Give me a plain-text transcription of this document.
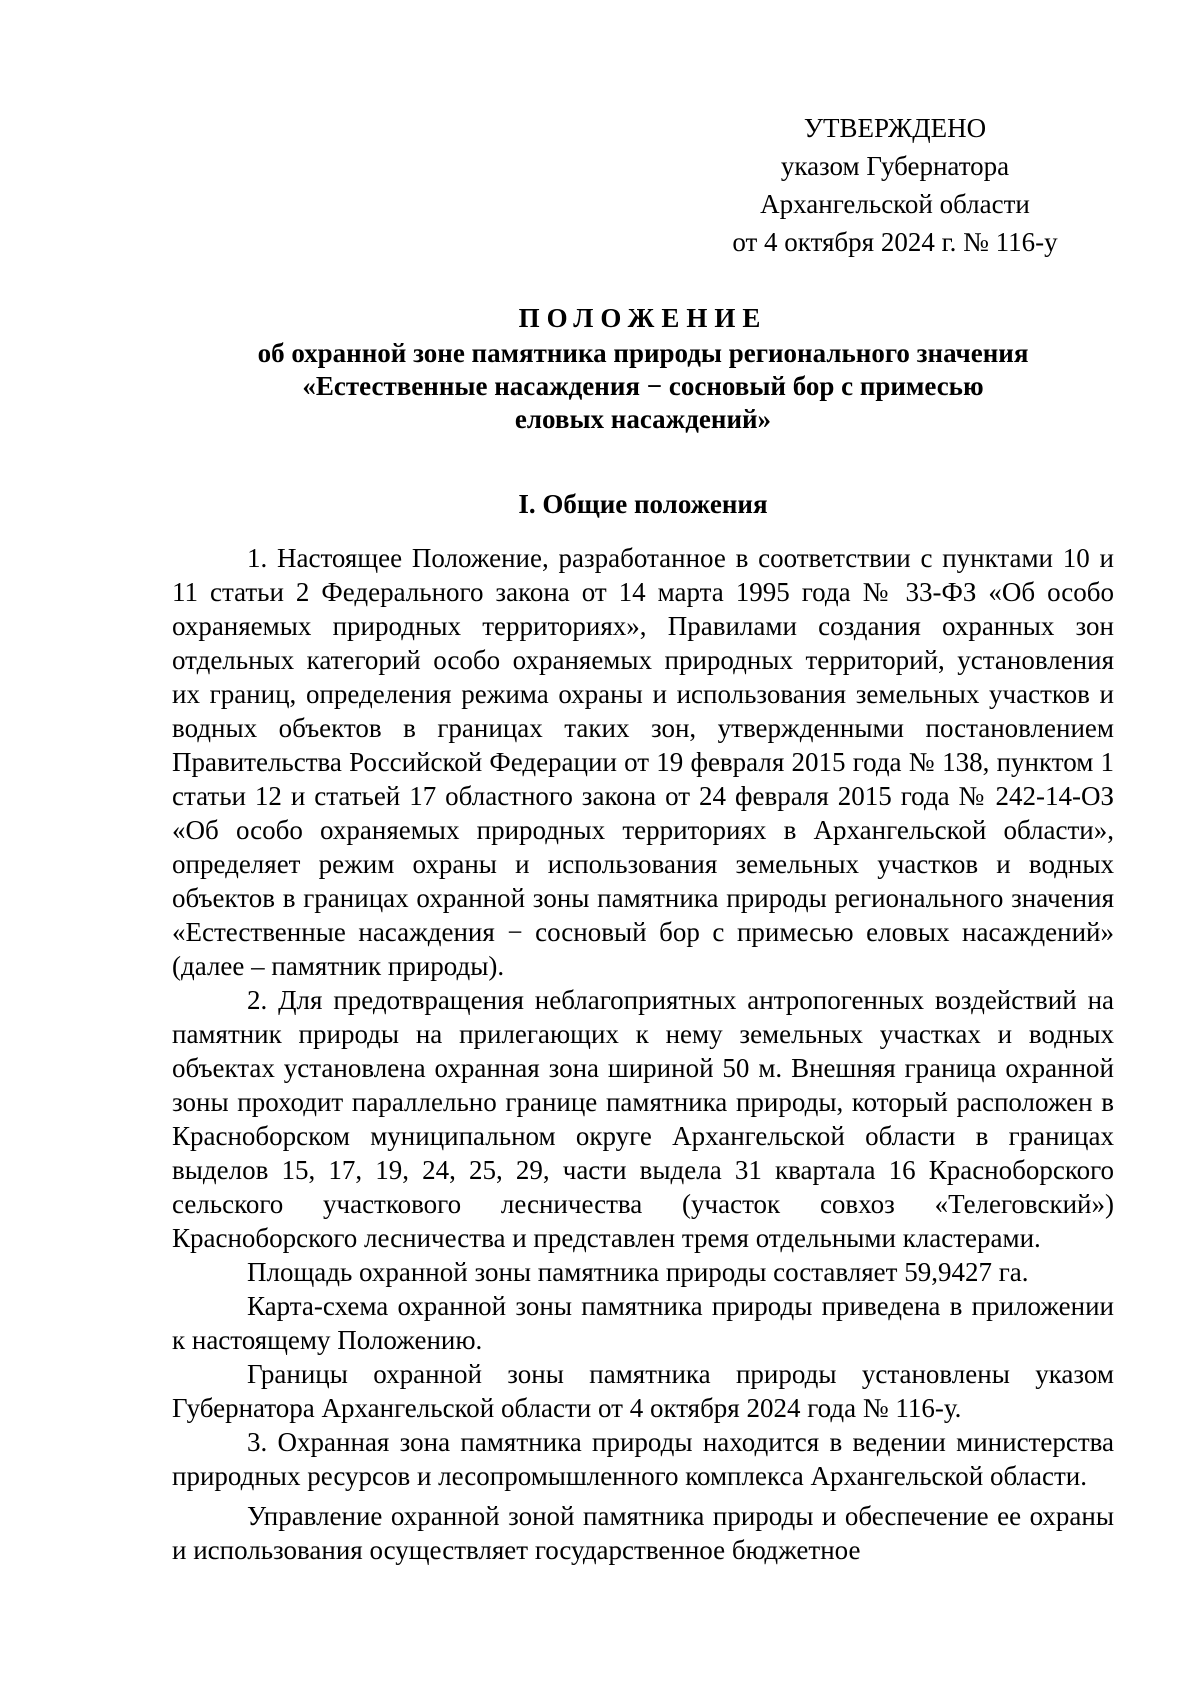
УТВЕРЖДЕНО
указом Губернатора
Архангельской области
от 4 октября 2024 г. № 116-у
ПОЛОЖЕНИЕ
об охранной зоне памятника природы регионального значения
«Естественные насаждения − сосновый бор с примесью
еловых насаждений»
I. Общие положения

1. Настоящее Положение, разработанное в соответствии с пунктами 10 и 11 статьи 2 Федерального закона от 14 марта 1995 года № 33-ФЗ «Об особо охраняемых природных территориях», Правилами создания охранных зон отдельных категорий особо охраняемых природных территорий, установления их границ, определения режима охраны и использования земельных участков и водных объектов в границах таких зон, утвержденными постановлением Правительства Российской Федерации от 19 февраля 2015 года № 138, пунктом 1 статьи 12 и статьей 17 областного закона от 24 февраля 2015 года № 242-14-ОЗ «Об особо охраняемых природных территориях в Архангельской области», определяет режим охраны и использования земельных участков и водных объектов в границах охранной зоны памятника природы регионального значения «Естественные насаждения − сосновый бор с примесью еловых насаждений» (далее – памятник природы).

2. Для предотвращения неблагоприятных антропогенных воздействий на памятник природы на прилегающих к нему земельных участках и водных объектах установлена охранная зона шириной 50 м. Внешняя граница охранной зоны проходит параллельно границе памятника природы, который расположен в Красноборском муниципальном округе Архангельской области в границах выделов 15, 17, 19, 24, 25, 29, части выдела 31 квартала 16 Красноборского сельского участкового лесничества (участок совхоз «Телеговский») Красноборского лесничества и представлен тремя отдельными кластерами.

Площадь охранной зоны памятника природы составляет 59,9427 га.

Карта-схема охранной зоны памятника природы приведена в приложении к настоящему Положению.

Границы охранной зоны памятника природы установлены указом Губернатора Архангельской области от 4 октября 2024 года № 116-у.

3. Охранная зона памятника природы находится в ведении министерства природных ресурсов и лесопромышленного комплекса Архангельской области.

Управление охранной зоной памятника природы и обеспечение ее охраны и использования осуществляет государственное бюджетное
